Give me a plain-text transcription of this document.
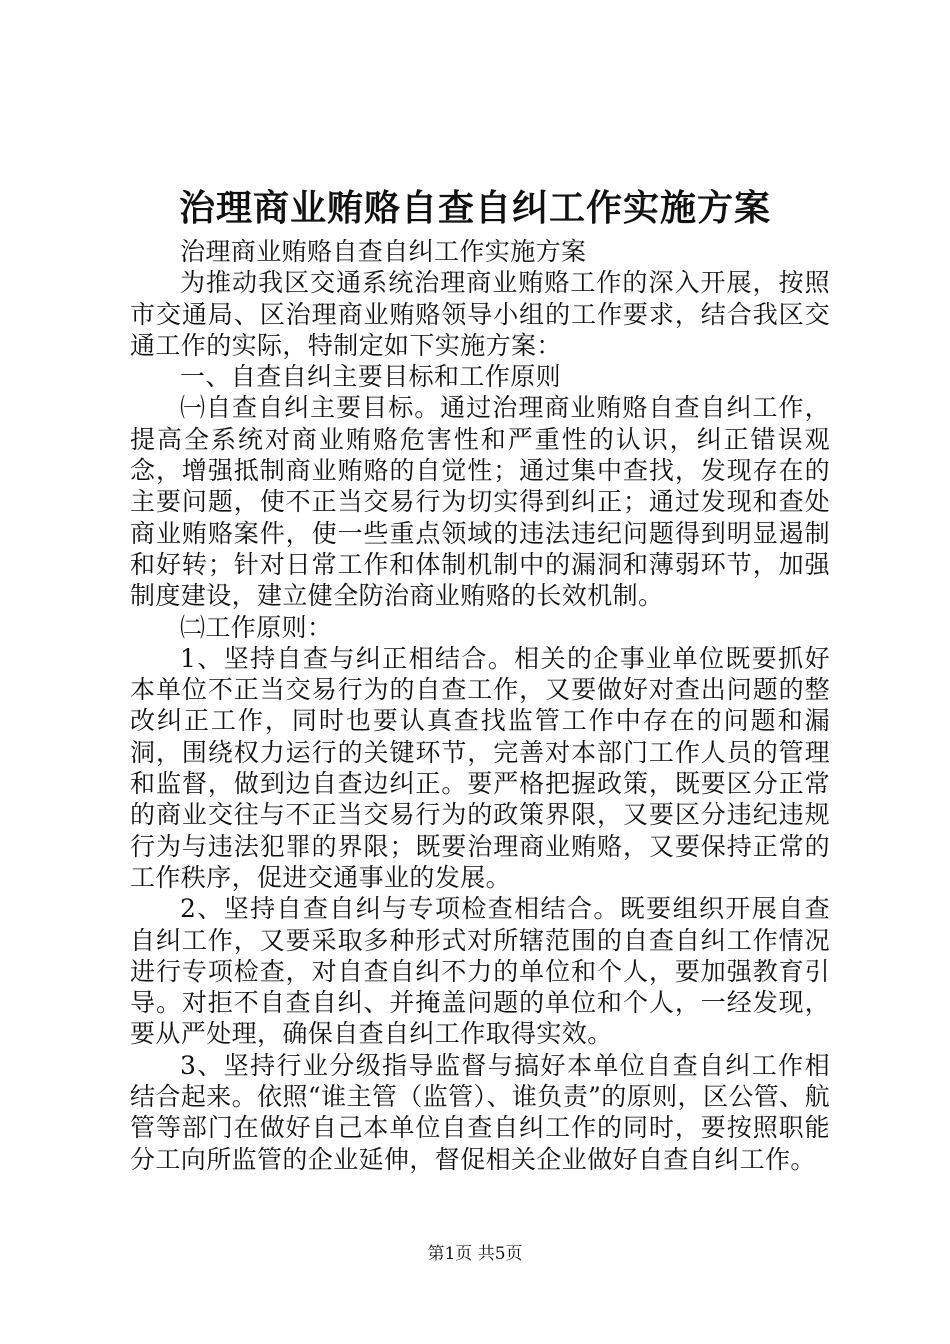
治理商业贿赂自查自纠工作实施方案

治理商业贿赂自查自纠工作实施方案

为推动我区交通系统治理商业贿赂工作的深入开展，按照市交通局、区治理商业贿赂领导小组的工作要求，结合我区交通工作的实际，特制定如下实施方案：

一、自查自纠主要目标和工作原则

㈠自查自纠主要目标。通过治理商业贿赂自查自纠工作，提高全系统对商业贿赂危害性和严重性的认识，纠正错误观念，增强抵制商业贿赂的自觉性；通过集中查找，发现存在的主要问题，使不正当交易行为切实得到纠正；通过发现和查处商业贿赂案件，使一些重点领域的违法违纪问题得到明显遏制和好转；针对日常工作和体制机制中的漏洞和薄弱环节，加强制度建设，建立健全防治商业贿赂的长效机制。

㈡工作原则：

1、坚持自查与纠正相结合。相关的企事业单位既要抓好本单位不正当交易行为的自查工作，又要做好对查出问题的整改纠正工作，同时也要认真查找监管工作中存在的问题和漏洞，围绕权力运行的关键环节，完善对本部门工作人员的管理和监督，做到边自查边纠正。要严格把握政策，既要区分正常的商业交往与不正当交易行为的政策界限，又要区分违纪违规行为与违法犯罪的界限；既要治理商业贿赂，又要保持正常的工作秩序，促进交通事业的发展。

2、坚持自查自纠与专项检查相结合。既要组织开展自查自纠工作，又要采取多种形式对所辖范围的自查自纠工作情况进行专项检查，对自查自纠不力的单位和个人，要加强教育引导。对拒不自查自纠、并掩盖问题的单位和个人，一经发现，要从严处理，确保自查自纠工作取得实效。

3、坚持行业分级指导监督与搞好本单位自查自纠工作相结合起来。依照“谁主管（监管）、谁负责”的原则，区公管、航管等部门在做好自己本单位自查自纠工作的同时，要按照职能分工向所监管的企业延伸，督促相关企业做好自查自纠工作。

第1页 共5页
